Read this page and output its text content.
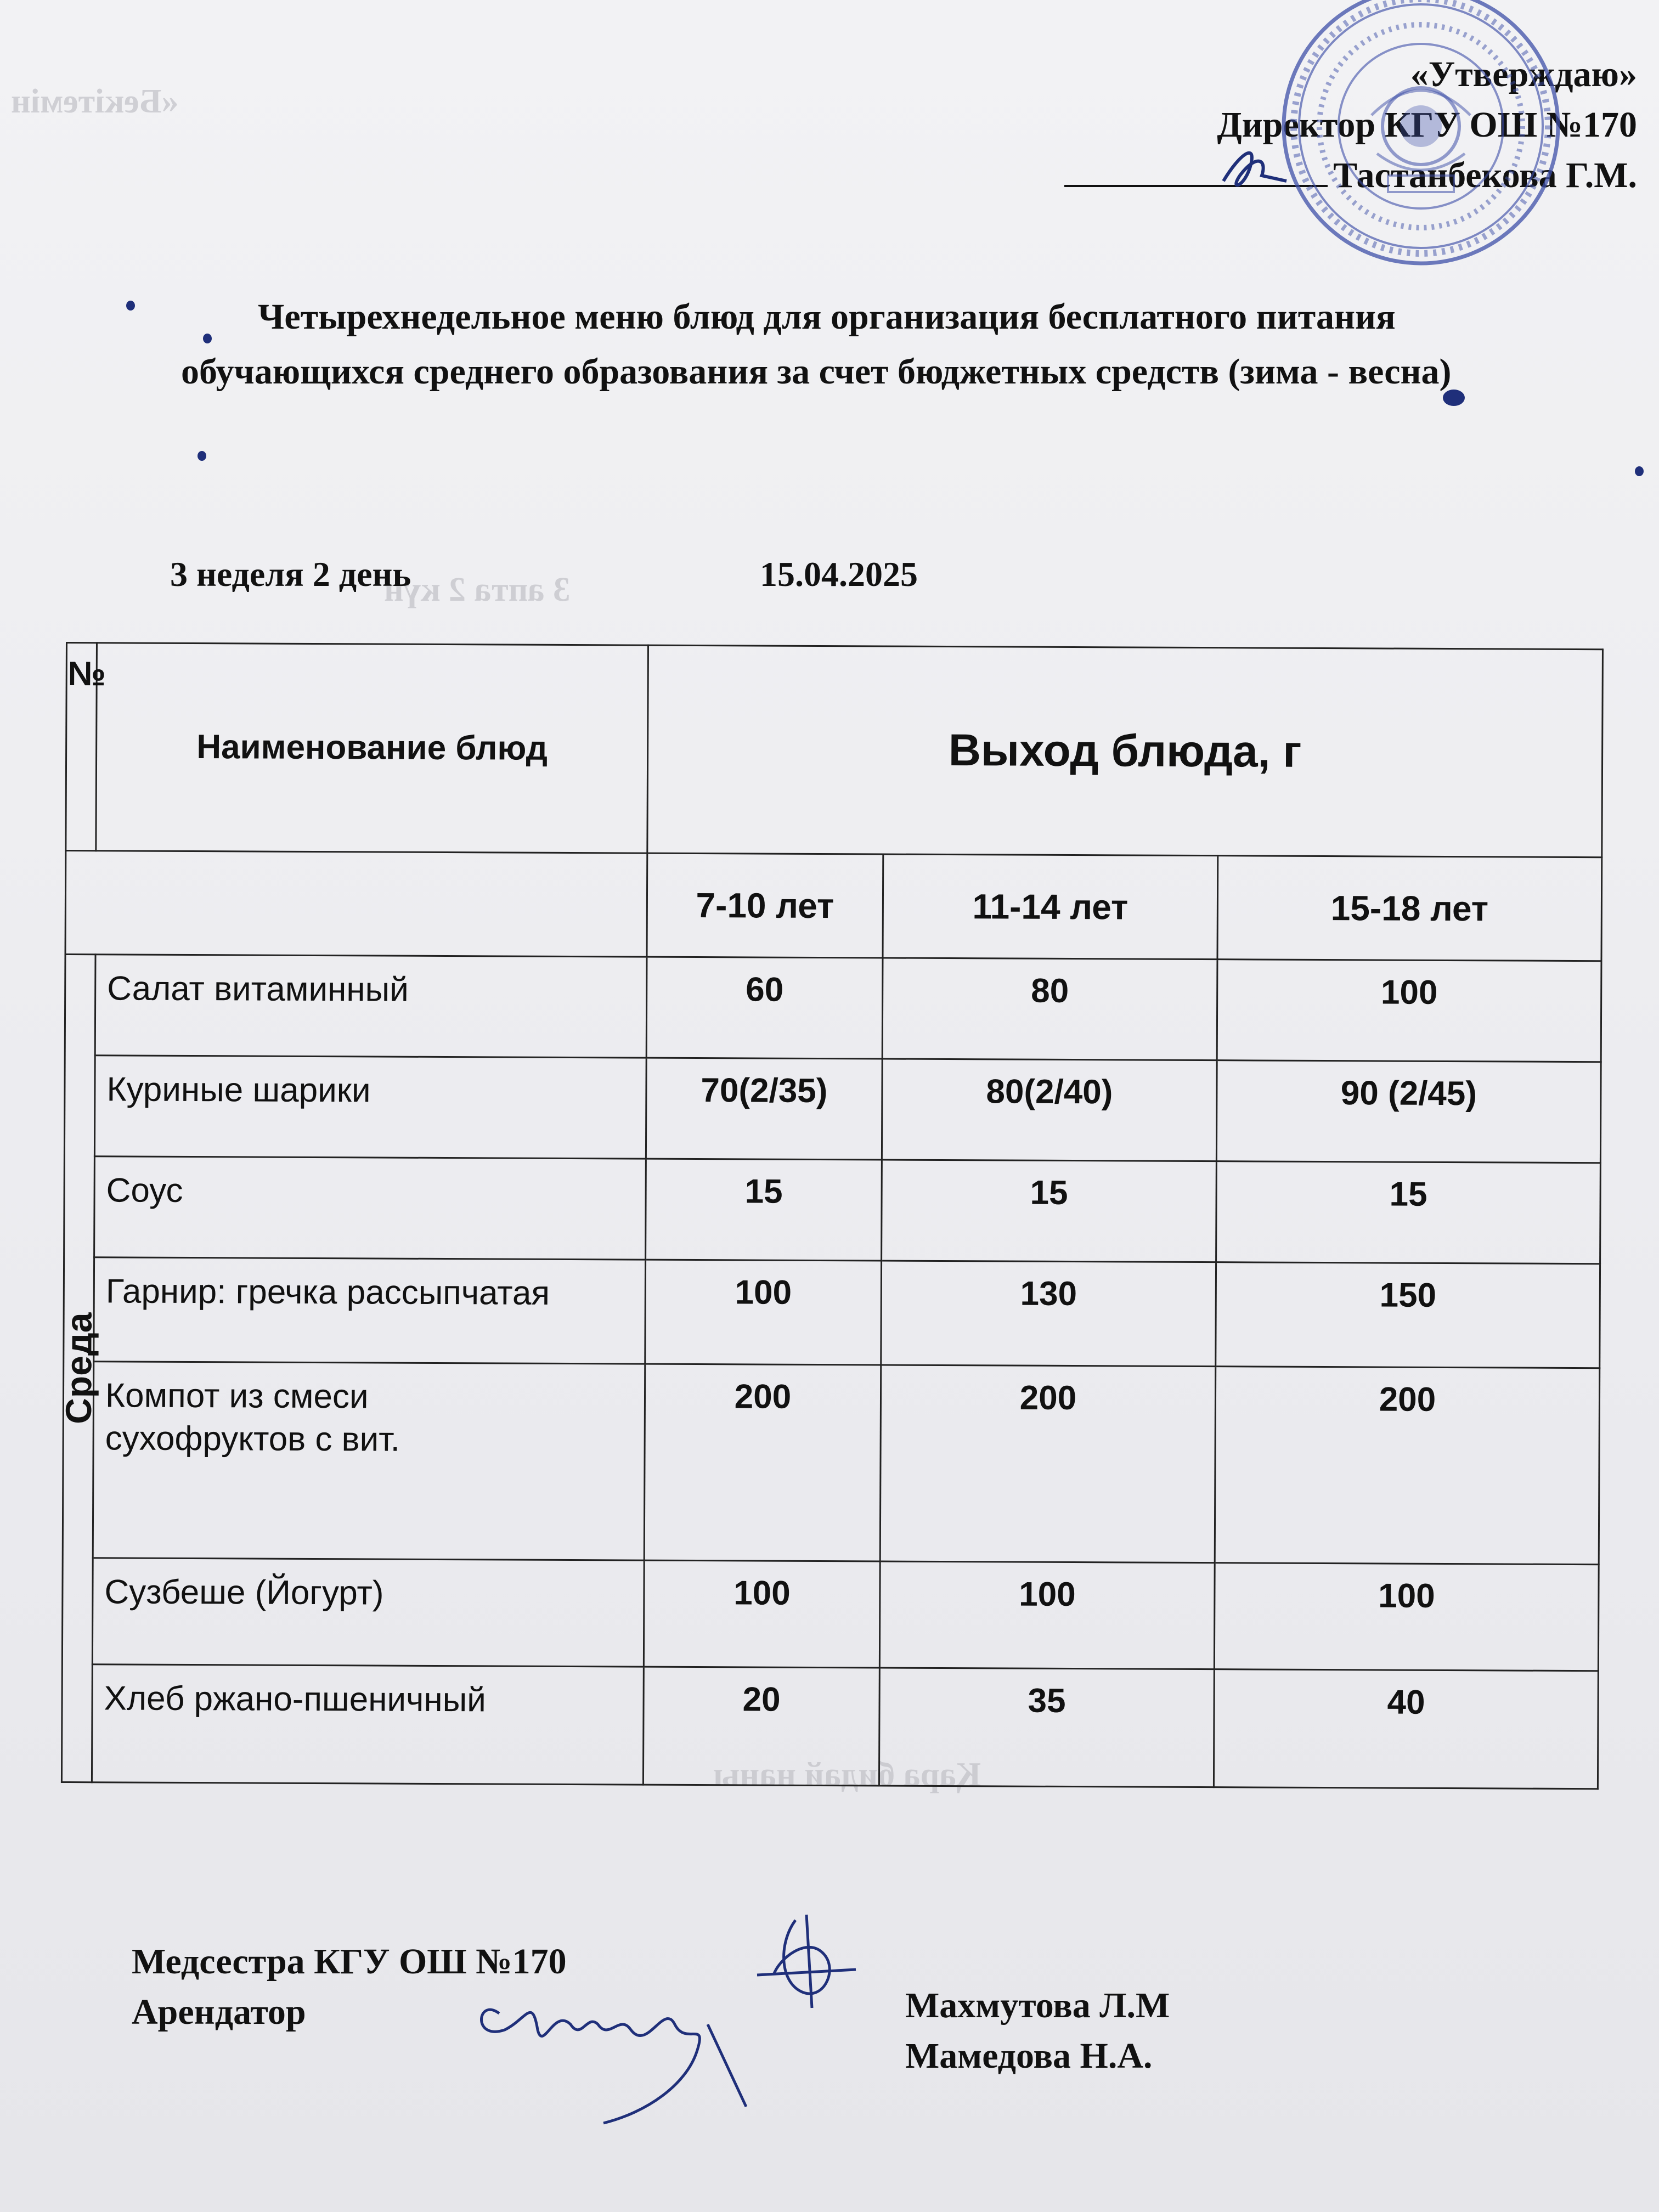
«Бекітемін
3 апта 2 күн
Қара бидай наны
«Утверждаю»
Директор КГУ ОШ №170
Тастанбекова Г.М.
Четырехнедельное меню блюд для организация бесплатного питания
обучающихся среднего образования за счет бюджетных средств (зима - весна)
3 неделя 2 день	15.04.2025
№	Наименование блюд	Выход блюда, г		
		7-10 лет	11-14 лет	15-18 лет

Среда	Салат витаминный	60	80	100
	Куриные шарики	70(2/35)	80(2/40)	90 (2/45)
	Соус	15	15	15
	Гарнир: гречка рассыпчатая	100	130	150
	Компот из смеси
сухофруктов с вит.	200	200	200
	Сузбеше (Йогурт)	100	100	100
	Хлеб ржано-пшеничный	20	35	40
Медсестра КГУ ОШ №170
Арендатор	Махмутова Л.М
Мамедова Н.А.
